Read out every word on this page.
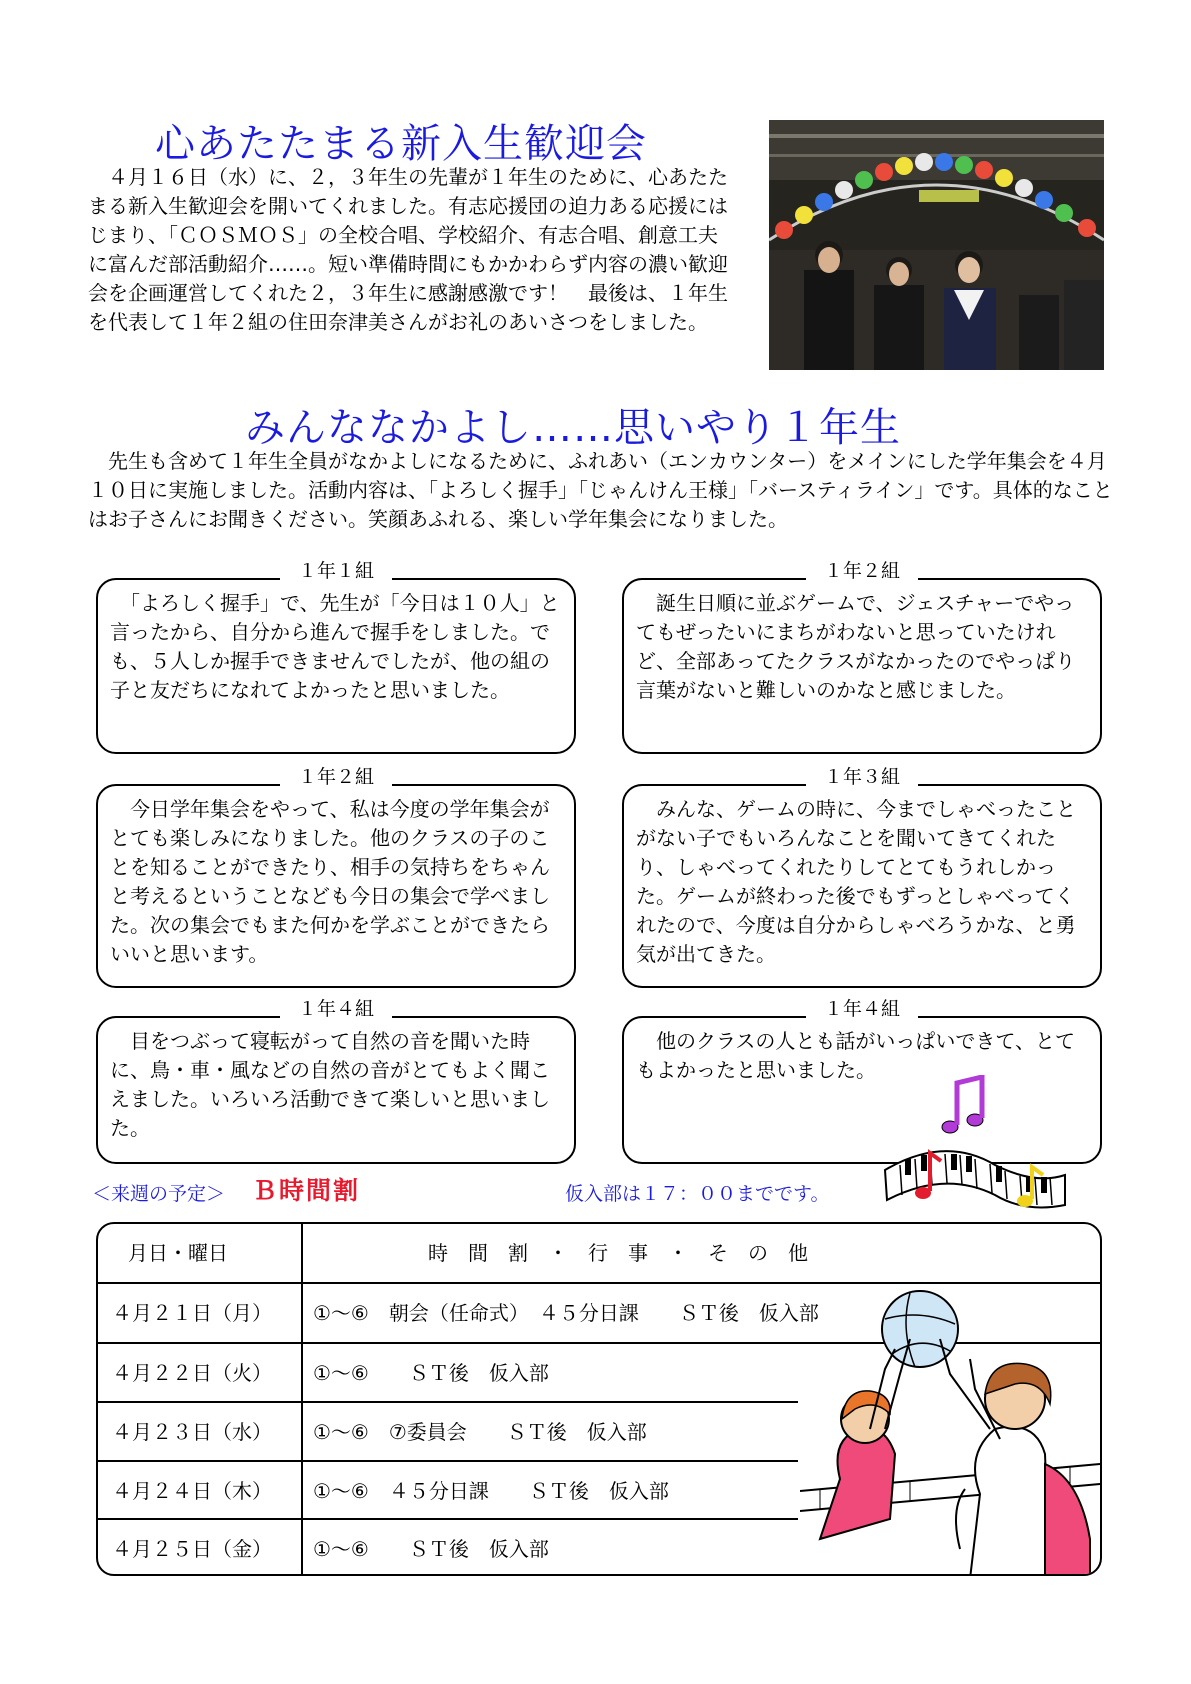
心あたたまる新入生歓迎会

　４月１６日（水）に、２，３年生の先輩が１年生のために、心あたたまる新入生歓迎会を開いてくれました。有志応援団の迫力ある応援にはじまり、「ＣＯＳＭＯＳ」の全校合唱、学校紹介、有志合唱、創意工夫に富んだ部活動紹介……。短い準備時間にもかかわらず内容の濃い歓迎会を企画運営してくれた２，３年生に感謝感激です！　最後は、１年生を代表して１年２組の住田奈津美さんがお礼のあいさつをしました。

みんななかよし……思いやり１年生

　先生も含めて１年生全員がなかよしになるために、ふれあい（エンカウンター）をメインにした学年集会を４月１０日に実施しました。活動内容は、「よろしく握手」「じゃんけん王様」「バースティライン」です。具体的なことはお子さんにお聞きください。笑顔あふれる、楽しい学年集会になりました。

１年１組

　「よろしく握手」で、先生が「今日は１０人」と言ったから、自分から進んで握手をしました。でも、５人しか握手できませんでしたが、他の組の子と友だちになれてよかったと思いました。

１年２組

　誕生日順に並ぶゲームで、ジェスチャーでやってもぜったいにまちがわないと思っていたけれど、全部あってたクラスがなかったのでやっぱり言葉がないと難しいのかなと感じました。

１年２組

　今日学年集会をやって、私は今度の学年集会がとても楽しみになりました。他のクラスの子のことを知ることができたり、相手の気持ちをちゃんと考えるということなども今日の集会で学べました。次の集会でもまた何かを学ぶことができたらいいと思います。

１年３組

　みんな、ゲームの時に、今までしゃべったことがない子でもいろんなことを聞いてきてくれたり、しゃべってくれたりしてとてもうれしかった。ゲームが終わった後でもずっとしゃべってくれたので、今度は自分からしゃべろうかな、と勇気が出てきた。

１年４組

　目をつぶって寝転がって自然の音を聞いた時に、鳥・車・風などの自然の音がとてもよく聞こえました。いろいろ活動できて楽しいと思いました。

１年４組

　他のクラスの人とも話がいっぱいできて、とてもよかったと思いました。

＜来週の予定＞ Ｂ時間割	仮入部は１７：００までです。
月日・曜日	時　間　割　・　行　事　・　そ　の　他
４月２１日（月） ①～⑥　朝会（任命式）　４５分日課　　ＳＴ後　仮入部
４月２２日（火） ①～⑥　　ＳＴ後　仮入部
４月２３日（水） ①～⑥　⑦委員会　　ＳＴ後　仮入部
４月２４日（木） ①～⑥　４５分日課　　ＳＴ後　仮入部
４月２５日（金） ①～⑥　　ＳＴ後　仮入部
